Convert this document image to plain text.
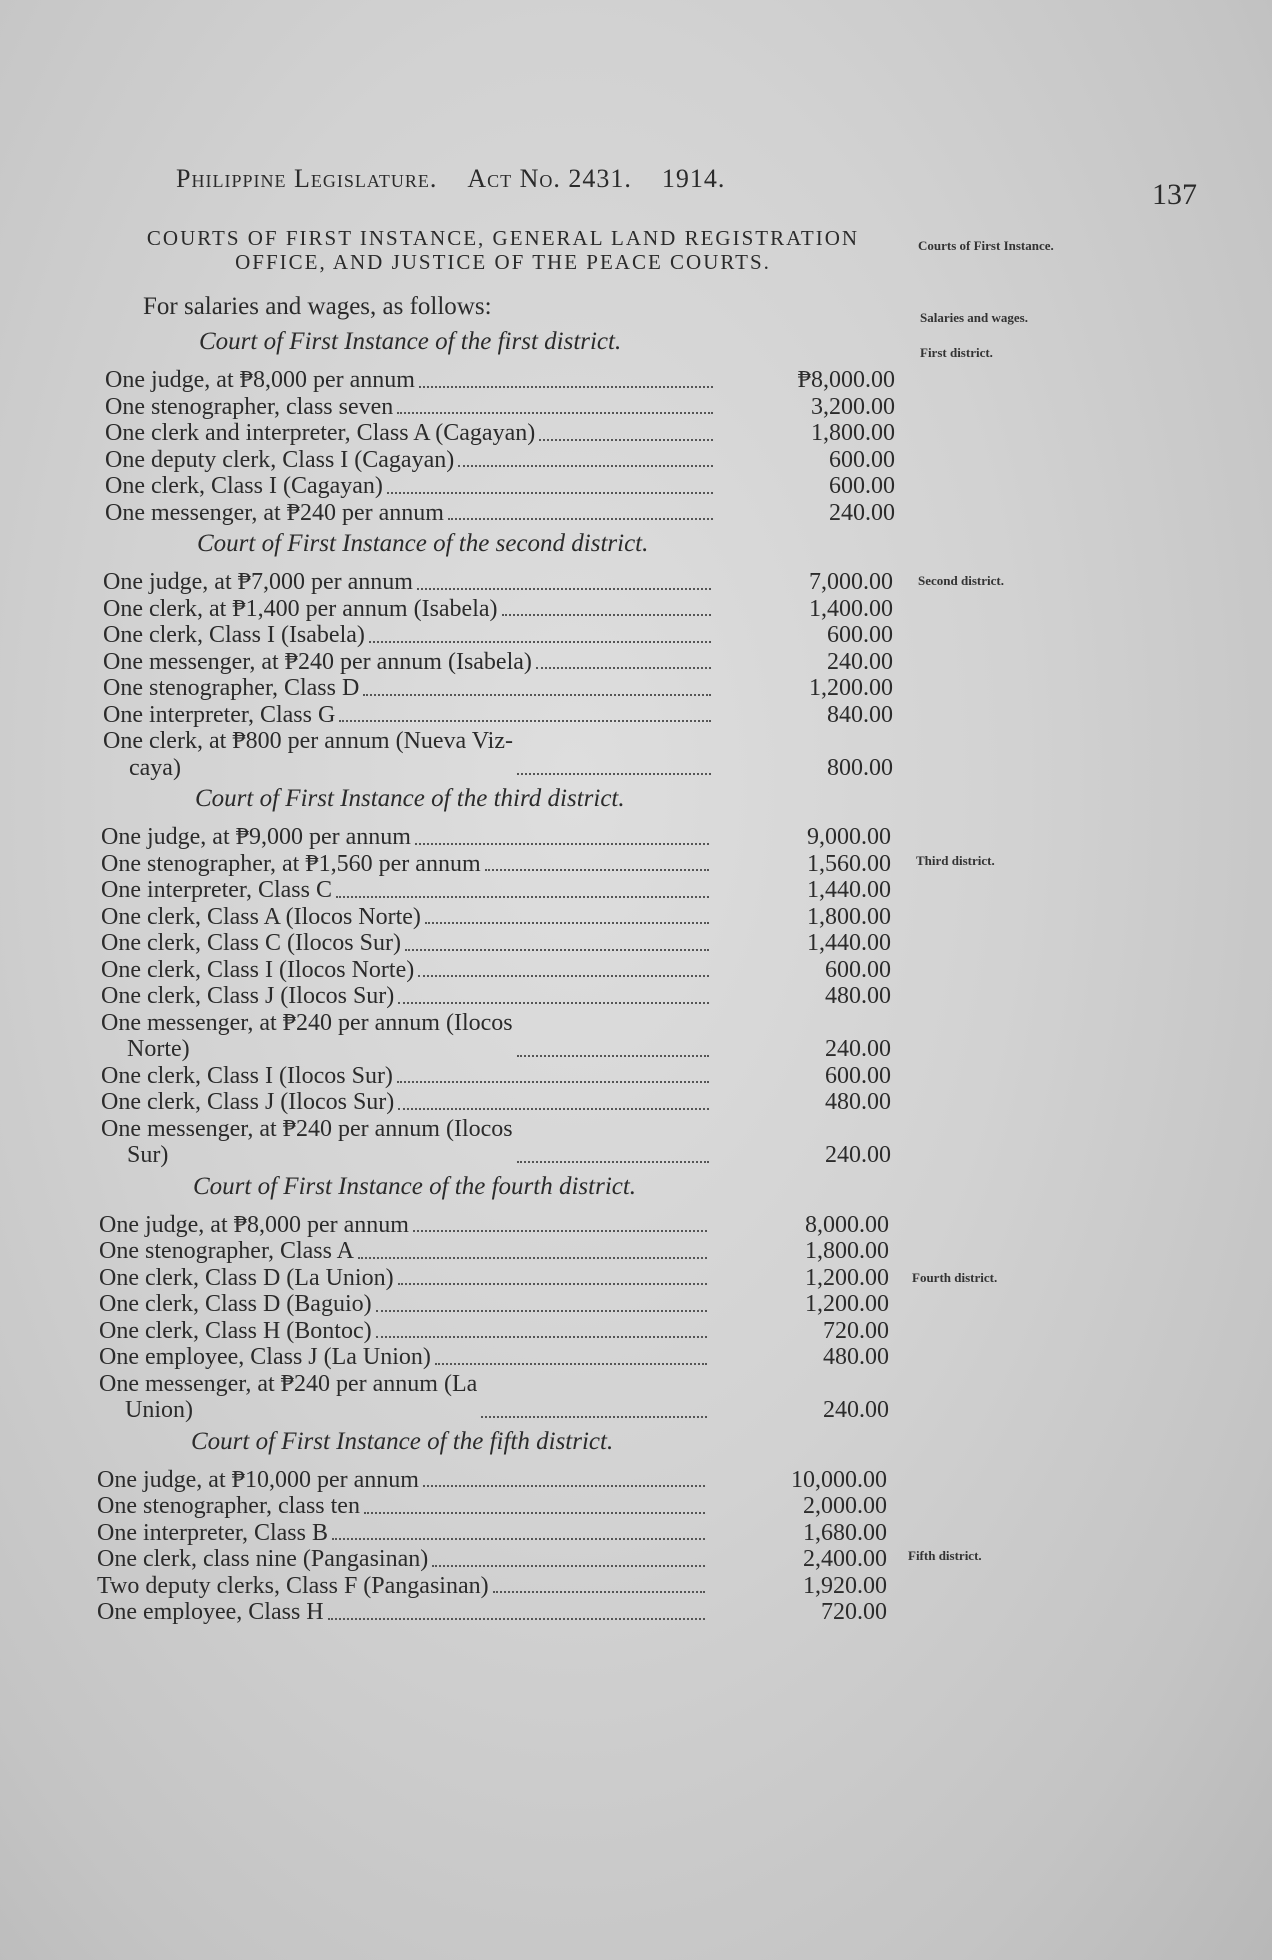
Philippine Legislature. Act No. 2431. 1914.	137
COURTS OF FIRST INSTANCE, GENERAL LAND REGISTRATION OFFICE, AND JUSTICE OF THE PEACE COURTS.
Courts of First Instance.
Salaries and wages.
First district.
Second district.
Third district.
Fourth district.
Fifth district.
For salaries and wages, as follows:
Court of First Instance of the first district.
One judge, at ₱8,000 per annum	₱8,000.00
One stenographer, class seven	3,200.00
One clerk and interpreter, Class A (Cagayan)	1,800.00
One deputy clerk, Class I (Cagayan)	600.00
One clerk, Class I (Cagayan)	600.00
One messenger, at ₱240 per annum	240.00
Court of First Instance of the second district.
One judge, at ₱7,000 per annum	7,000.00
One clerk, at ₱1,400 per annum (Isabela)	1,400.00
One clerk, Class I (Isabela)	600.00
One messenger, at ₱240 per annum (Isabela)	240.00
One stenographer, Class D	1,200.00
One interpreter, Class G	840.00
One clerk, at ₱800 per annum (Nueva Viz-
caya)	800.00
Court of First Instance of the third district.
One judge, at ₱9,000 per annum	9,000.00
One stenographer, at ₱1,560 per annum	1,560.00
One interpreter, Class C	1,440.00
One clerk, Class A (Ilocos Norte)	1,800.00
One clerk, Class C (Ilocos Sur)	1,440.00
One clerk, Class I (Ilocos Norte)	600.00
One clerk, Class J (Ilocos Sur)	480.00
One messenger, at ₱240 per annum (Ilocos
Norte)	240.00
One clerk, Class I (Ilocos Sur)	600.00
One clerk, Class J (Ilocos Sur)	480.00
One messenger, at ₱240 per annum (Ilocos
Sur)	240.00
Court of First Instance of the fourth district.
One judge, at ₱8,000 per annum	8,000.00
One stenographer, Class A	1,800.00
One clerk, Class D (La Union)	1,200.00
One clerk, Class D (Baguio)	1,200.00
One clerk, Class H (Bontoc)	720.00
One employee, Class J (La Union)	480.00
One messenger, at ₱240 per annum (La
Union)	240.00
Court of First Instance of the fifth district.
One judge, at ₱10,000 per annum	10,000.00
One stenographer, class ten	2,000.00
One interpreter, Class B	1,680.00
One clerk, class nine (Pangasinan)	2,400.00
Two deputy clerks, Class F (Pangasinan)	1,920.00
One employee, Class H	720.00
